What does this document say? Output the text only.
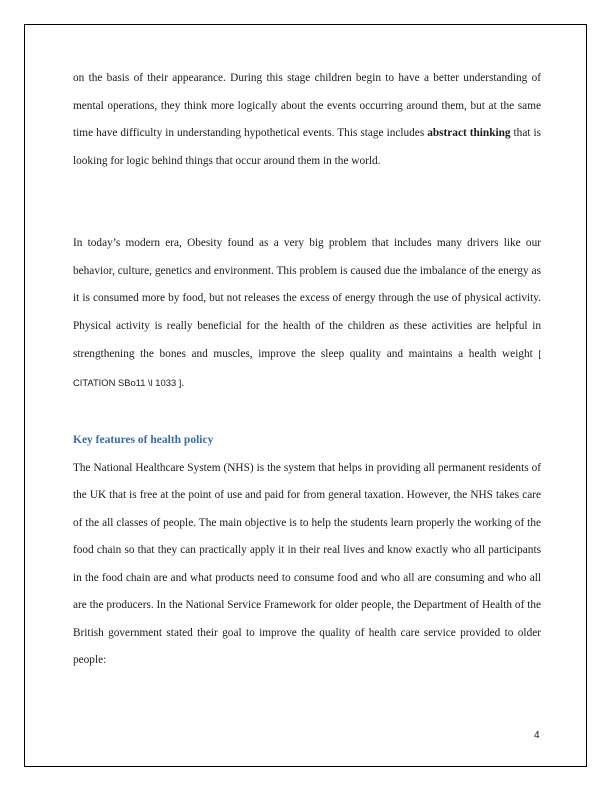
on the basis of their appearance. During this stage children begin to have a better understanding of mental operations, they think more logically about the events occurring around them, but at the same time have difficulty in understanding hypothetical events. This stage includes abstract thinking that is looking for logic behind things that occur around them in the world.

In today’s modern era, Obesity found as a very big problem that includes many drivers like our behavior, culture, genetics and environment. This problem is caused due the imbalance of the energy as it is consumed more by food, but not releases the excess of energy through the use of physical activity. Physical activity is really beneficial for the health of the children as these activities are helpful in strengthening the bones and muscles, improve the sleep quality and maintains a health weight [ CITATION SBo11 \l 1033 ].

Key features of health policy

The National Healthcare System (NHS) is the system that helps in providing all permanent residents of the UK that is free at the point of use and paid for from general taxation. However, the NHS takes care of the all classes of people. The main objective is to help the students learn properly the working of the food chain so that they can practically apply it in their real lives and know exactly who all participants in the food chain are and what products need to consume food and who all are consuming and who all are the producers. In the National Service Framework for older people, the Department of Health of the British government stated their goal to improve the quality of health care service provided to older people:

4
